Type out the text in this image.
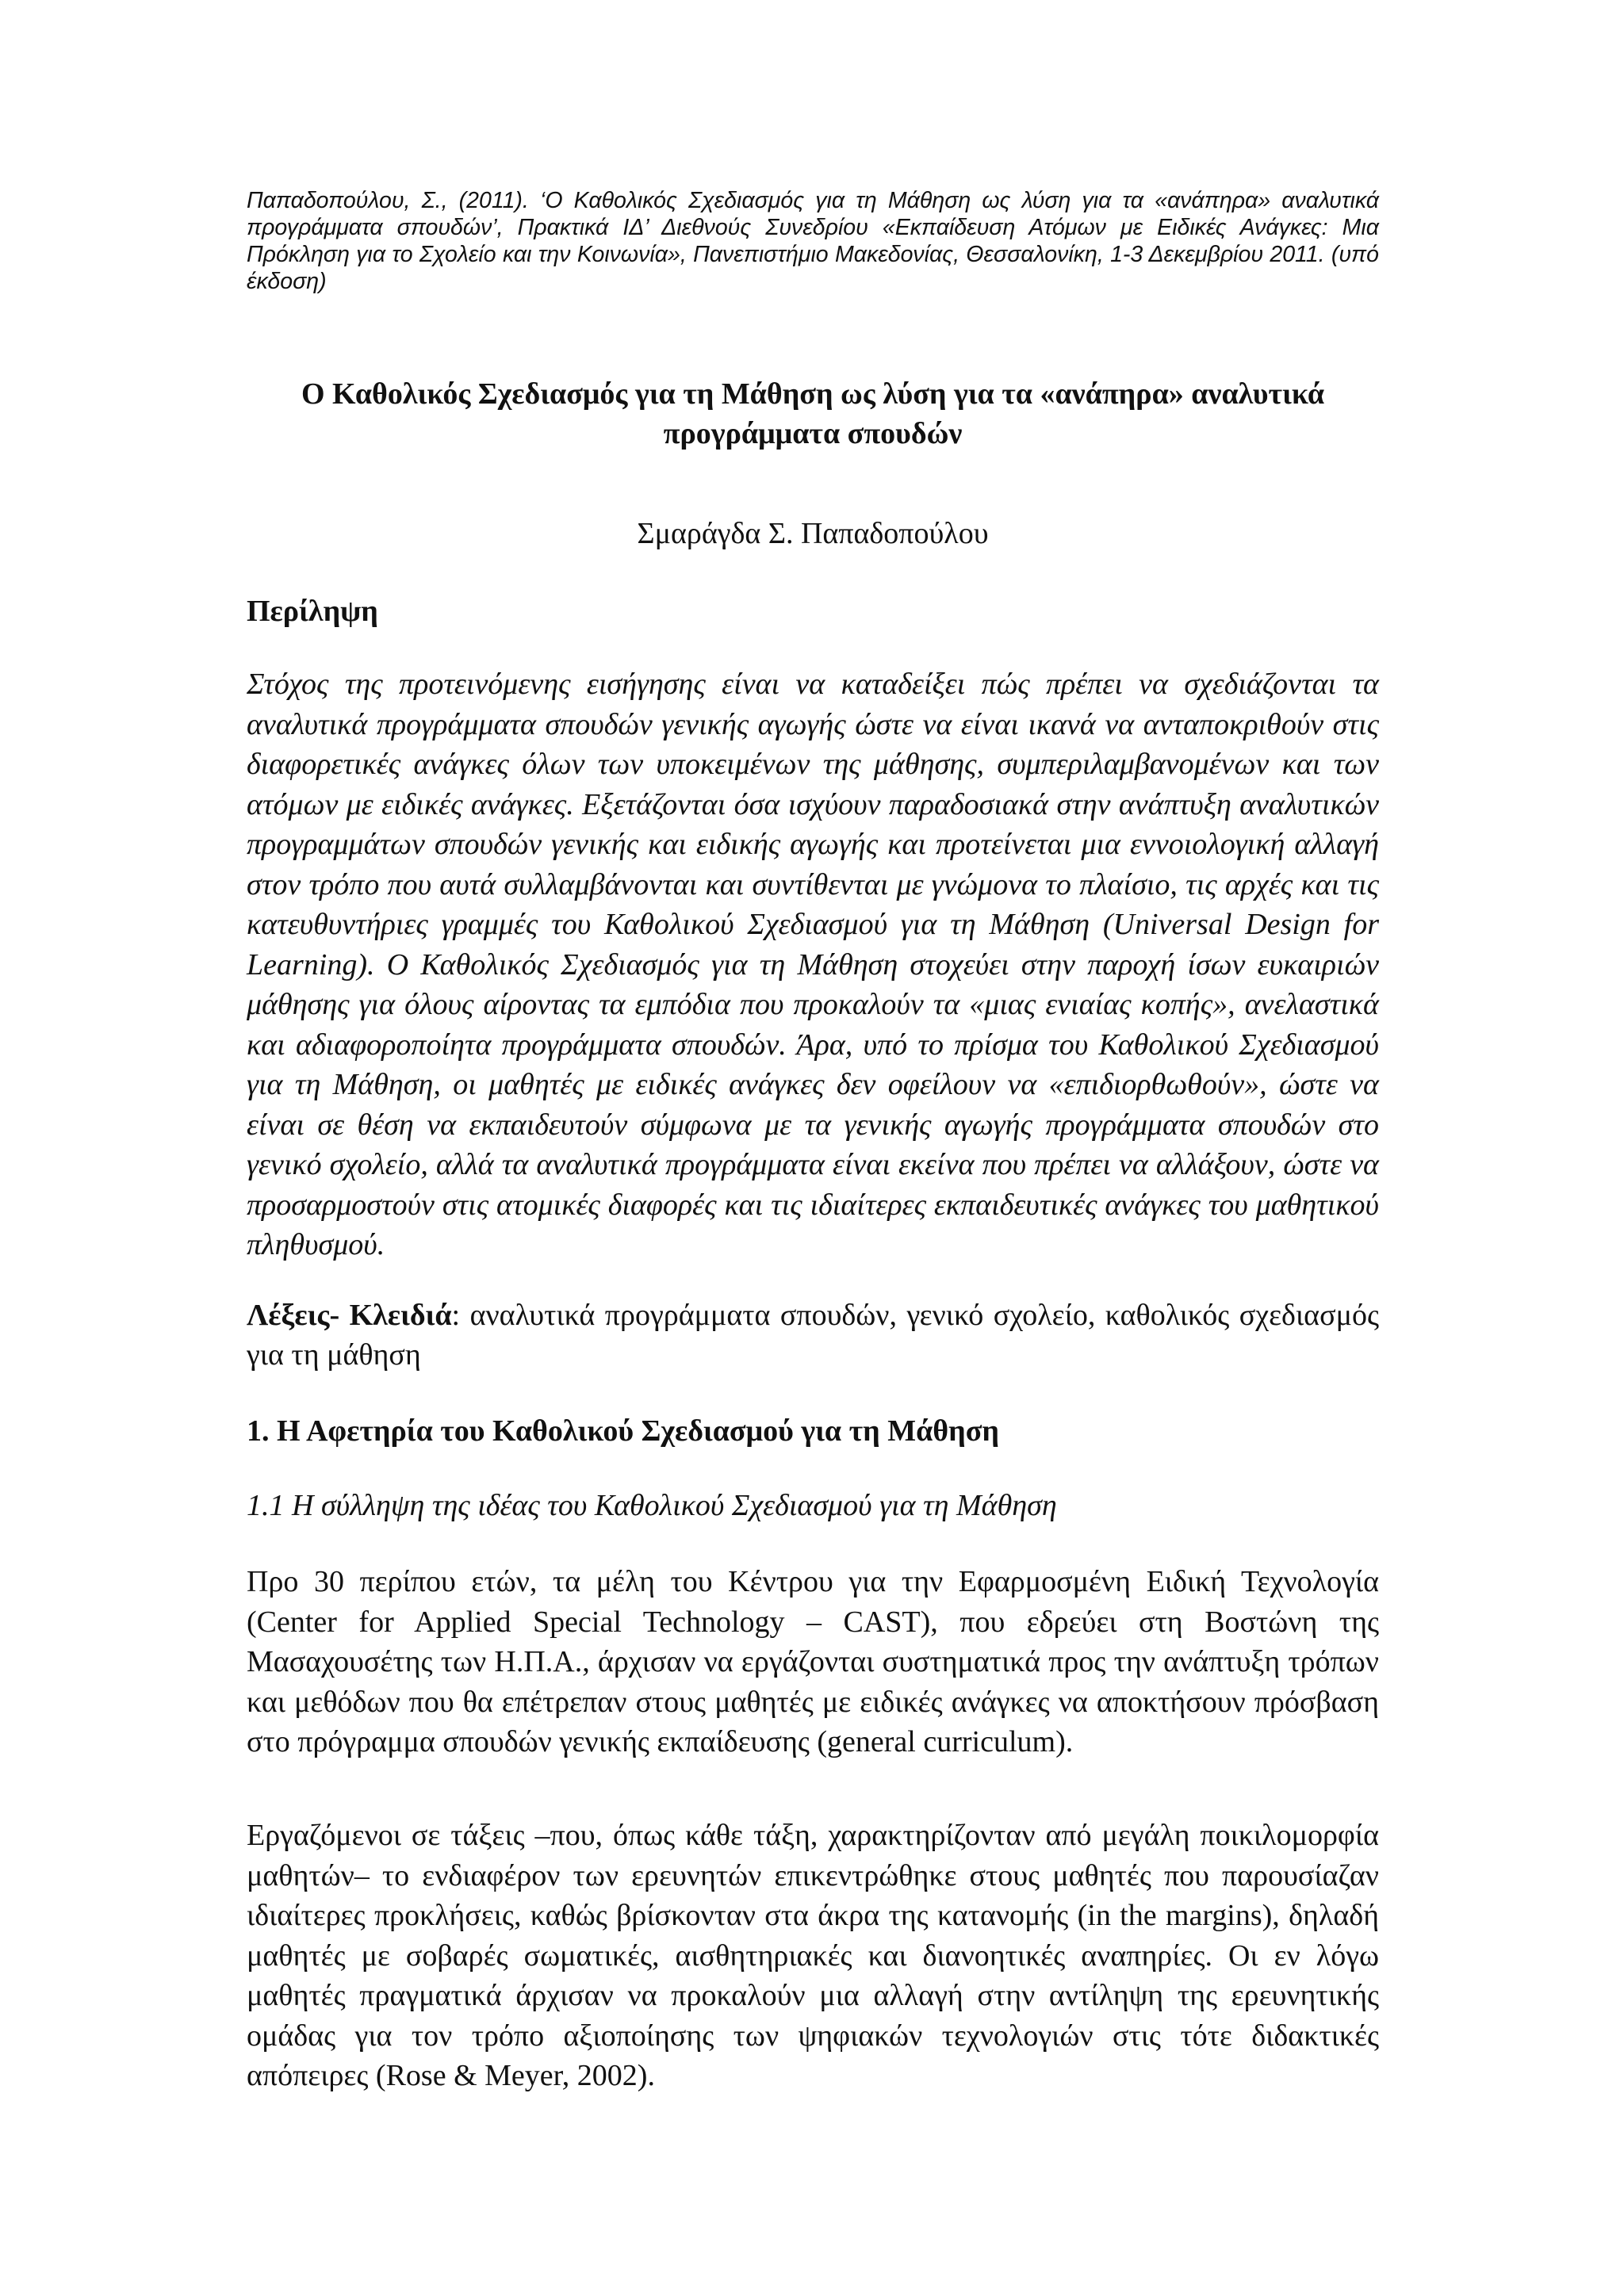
Παπαδοπούλου, Σ., (2011). ‘Ο Καθολικός Σχεδιασμός για τη Μάθηση ως λύση για τα «ανάπηρα» αναλυτικά προγράμματα σπουδών’, Πρακτικά ΙΔ’ Διεθνούς Συνεδρίου «Εκπαίδευση Ατόμων με Ειδικές Ανάγκες: Μια Πρόκληση για το Σχολείο και την Κοινωνία», Πανεπιστήμιο Μακεδονίας, Θεσσαλονίκη, 1-3 Δεκεμβρίου 2011. (υπό έκδοση)
Ο Καθολικός Σχεδιασμός για τη Μάθηση ως λύση για τα «ανάπηρα» αναλυτικά προγράμματα σπουδών
Σμαράγδα Σ. Παπαδοπούλου
Περίληψη
Στόχος της προτεινόμενης εισήγησης είναι να καταδείξει πώς πρέπει να σχεδιάζονται τα αναλυτικά προγράμματα σπουδών γενικής αγωγής ώστε να είναι ικανά να ανταποκριθούν στις διαφορετικές ανάγκες όλων των υποκειμένων της μάθησης, συμπεριλαμβανομένων και των ατόμων με ειδικές ανάγκες. Εξετάζονται όσα ισχύουν παραδοσιακά στην ανάπτυξη αναλυτικών προγραμμάτων σπουδών γενικής και ειδικής αγωγής και προτείνεται μια εννοιολογική αλλαγή στον τρόπο που αυτά συλλαμβάνονται και συντίθενται με γνώμονα το πλαίσιο, τις αρχές και τις κατευθυντήριες γραμμές του Καθολικού Σχεδιασμού για τη Μάθηση (Universal Design for Learning). Ο Καθολικός Σχεδιασμός για τη Μάθηση στοχεύει στην παροχή ίσων ευκαιριών μάθησης για όλους αίροντας τα εμπόδια που προκαλούν τα «μιας ενιαίας κοπής», ανελαστικά και αδιαφοροποίητα προγράμματα σπουδών. Άρα, υπό το πρίσμα του Καθολικού Σχεδιασμού για τη Μάθηση, οι μαθητές με ειδικές ανάγκες δεν οφείλουν να «επιδιορθωθούν», ώστε να είναι σε θέση να εκπαιδευτούν σύμφωνα με τα γενικής αγωγής προγράμματα σπουδών στο γενικό σχολείο, αλλά τα αναλυτικά προγράμματα είναι εκείνα που πρέπει να αλλάξουν, ώστε να προσαρμοστούν στις ατομικές διαφορές και τις ιδιαίτερες εκπαιδευτικές ανάγκες του μαθητικού πληθυσμού.
Λέξεις- Κλειδιά: αναλυτικά προγράμματα σπουδών, γενικό σχολείο, καθολικός σχεδιασμός για τη μάθηση
1. Η Αφετηρία του Καθολικού Σχεδιασμού για τη Μάθηση
1.1 Η σύλληψη της ιδέας του Καθολικού Σχεδιασμού για τη Μάθηση
Προ 30 περίπου ετών, τα μέλη του Κέντρου για την Εφαρμοσμένη Ειδική Τεχνολογία (Center for Applied Special Technology – CAST), που εδρεύει στη Βοστώνη της Μασαχουσέτης των Η.Π.Α., άρχισαν να εργάζονται συστηματικά προς την ανάπτυξη τρόπων και μεθόδων που θα επέτρεπαν στους μαθητές με ειδικές ανάγκες να αποκτήσουν πρόσβαση στο πρόγραμμα σπουδών γενικής εκπαίδευσης (general curriculum).
Εργαζόμενοι σε τάξεις –που, όπως κάθε τάξη, χαρακτηρίζονταν από μεγάλη ποικιλομορφία μαθητών– το ενδιαφέρον των ερευνητών επικεντρώθηκε στους μαθητές που παρουσίαζαν ιδιαίτερες προκλήσεις, καθώς βρίσκονταν στα άκρα της κατανομής (in the margins), δηλαδή μαθητές με σοβαρές σωματικές, αισθητηριακές και διανοητικές αναπηρίες. Οι εν λόγω μαθητές πραγματικά άρχισαν να προκαλούν μια αλλαγή στην αντίληψη της ερευνητικής ομάδας για τον τρόπο αξιοποίησης των ψηφιακών τεχνολογιών στις τότε διδακτικές απόπειρες (Rose & Meyer, 2002).
